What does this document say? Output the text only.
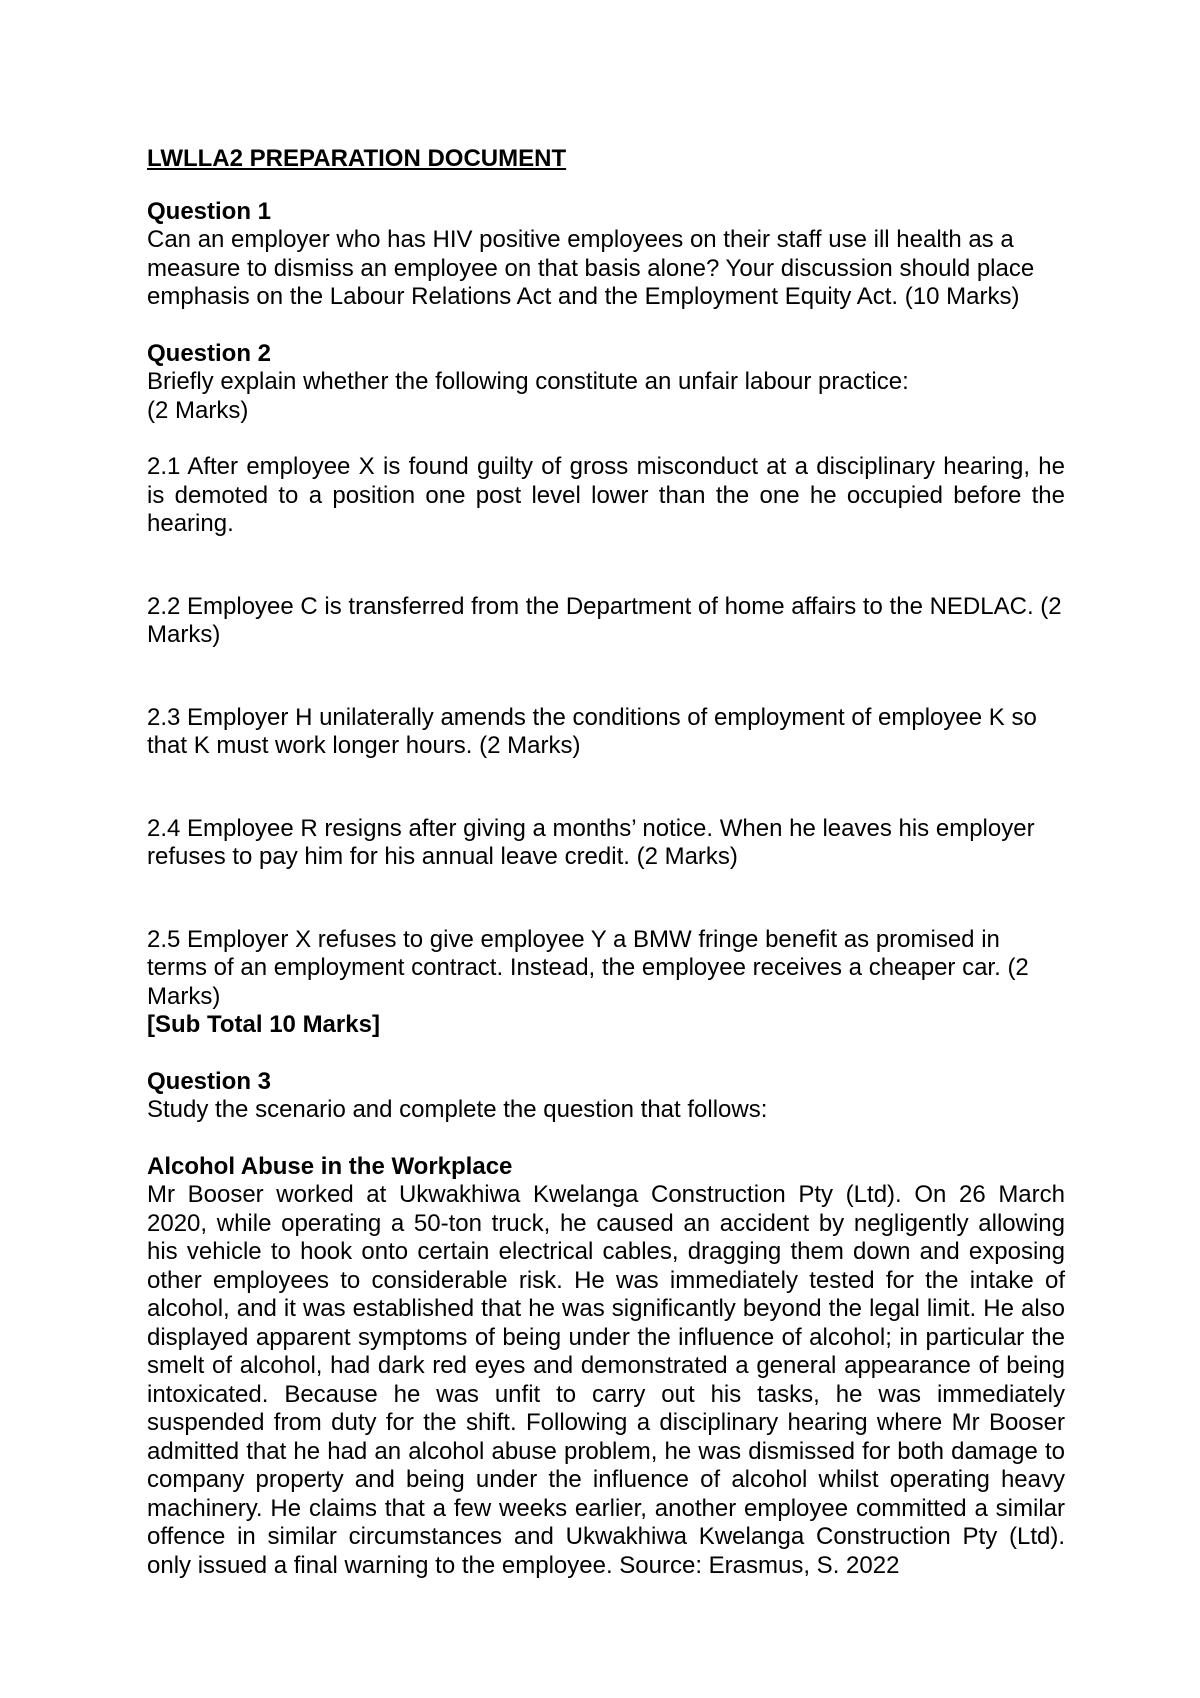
LWLLA2 PREPARATION DOCUMENT

Question 1

Can an employer who has HIV positive employees on their staff use ill health as a measure to dismiss an employee on that basis alone? Your discussion should place emphasis on the Labour Relations Act and the Employment Equity Act. (10 Marks)

Question 2

Briefly explain whether the following constitute an unfair labour practice:

(2 Marks)

2.1 After employee X is found guilty of gross misconduct at a disciplinary hearing, he is demoted to a position one post level lower than the one he occupied before the hearing.

2.2 Employee C is transferred from the Department of home affairs to the NEDLAC. (2 Marks)

2.3 Employer H unilaterally amends the conditions of employment of employee K so that K must work longer hours. (2 Marks)

2.4 Employee R resigns after giving a months’ notice. When he leaves his employer refuses to pay him for his annual leave credit. (2 Marks)

2.5 Employer X refuses to give employee Y a BMW fringe benefit as promised in terms of an employment contract. Instead, the employee receives a cheaper car. (2 Marks)

[Sub Total 10 Marks]

Question 3

Study the scenario and complete the question that follows:

Alcohol Abuse in the Workplace

Mr Booser worked at Ukwakhiwa Kwelanga Construction Pty (Ltd). On 26 March 2020, while operating a 50-ton truck, he caused an accident by negligently allowing his vehicle to hook onto certain electrical cables, dragging them down and exposing other employees to considerable risk. He was immediately tested for the intake of alcohol, and it was established that he was significantly beyond the legal limit. He also displayed apparent symptoms of being under the influence of alcohol; in particular the smelt of alcohol, had dark red eyes and demonstrated a general appearance of being intoxicated. Because he was unfit to carry out his tasks, he was immediately suspended from duty for the shift. Following a disciplinary hearing where Mr Booser admitted that he had an alcohol abuse problem, he was dismissed for both damage to company property and being under the influence of alcohol whilst operating heavy machinery. He claims that a few weeks earlier, another employee committed a similar offence in similar circumstances and Ukwakhiwa Kwelanga Construction Pty (Ltd). only issued a final warning to the employee. Source: Erasmus, S. 2022
